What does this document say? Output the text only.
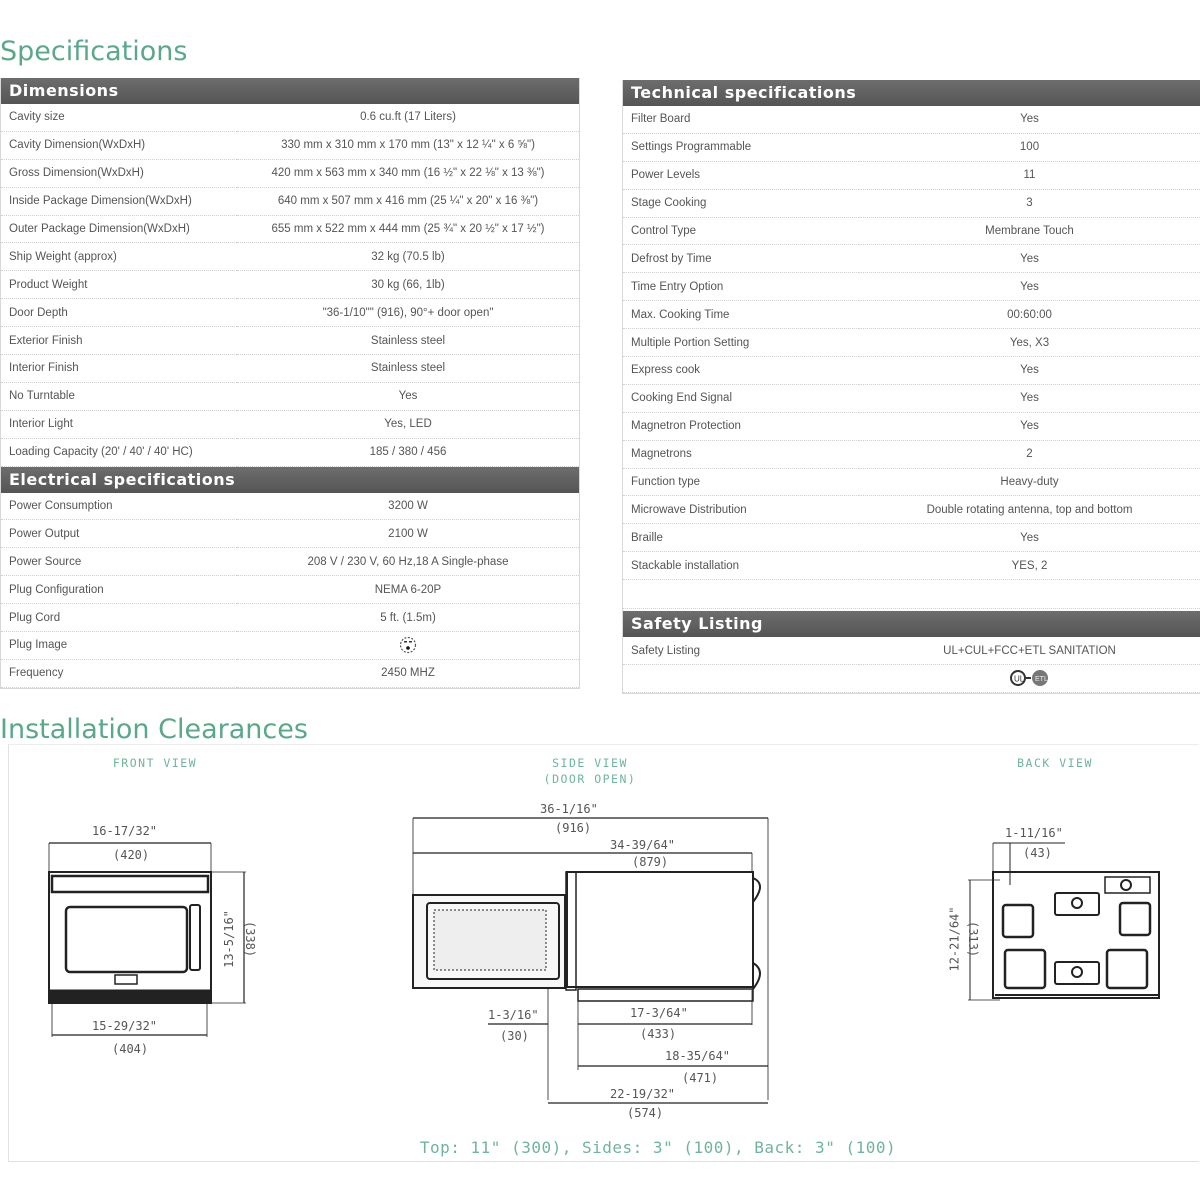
Specifications
Dimensions
Cavity size	0.6 cu.ft (17 Liters)
Cavity Dimension(WxDxH)	330 mm x 310 mm x 170 mm (13" x 12 ¼" x 6 ⅝")
Gross Dimension(WxDxH)	420 mm x 563 mm x 340 mm (16 ½" x 22 ⅛" x 13 ⅜")
Inside Package Dimension(WxDxH)	640 mm x 507 mm x 416 mm (25 ¼" x 20" x 16 ⅜")
Outer Package Dimension(WxDxH)	655 mm x 522 mm x 444 mm (25 ¾" x 20 ½" x 17 ½")
Ship Weight (approx)	32 kg (70.5 lb)
Product Weight	30 kg (66, 1lb)
Door Depth	"36-1/10"" (916), 90°+ door open"
Exterior Finish	Stainless steel
Interior Finish	Stainless steel
No Turntable	Yes
Interior Light	Yes, LED
Loading Capacity (20' / 40' / 40' HC)	185 / 380 / 456
Electrical specifications
Power Consumption	3200 W
Power Output	2100 W
Power Source	208 V / 230 V, 60 Hz,18 A Single-phase
Plug Configuration	NEMA 6-20P
Plug Cord	5 ft. (1.5m)
Plug Image	
Frequency	2450 MHZ
Technical specifications
Filter Board	Yes
Settings Programmable	100
Power Levels	11
Stage Cooking	3
Control Type	Membrane Touch
Defrost by Time	Yes
Time Entry Option	Yes
Max. Cooking Time	00:60:00
Multiple Portion Setting	Yes, X3
Express cook	Yes
Cooking End Signal	Yes
Magnetron Protection	Yes
Magnetrons	2
Function type	Heavy-duty
Microwave Distribution	Double rotating antenna, top and bottom
Braille	Yes
Stackable installation	YES, 2
Safety Listing
Safety Listing	UL+CUL+FCC+ETL SANITATION

UL ETL
Installation Clearances
FRONT VIEW	SIDE VIEW
(DOOR OPEN)
BACK VIEW
16-17/32"
(420)
13-5/16" (338)
15-29/32"
(404)
36-1/16"
(916)
34-39/64"
(879)
1-3/16"
(30)
17-3/64"
(433)
18-35/64"
(471)
22-19/32"
(574)
1-11/16"
(43)
12-21/64" (313)
Top: 11" (300), Sides: 3" (100), Back: 3" (100)
